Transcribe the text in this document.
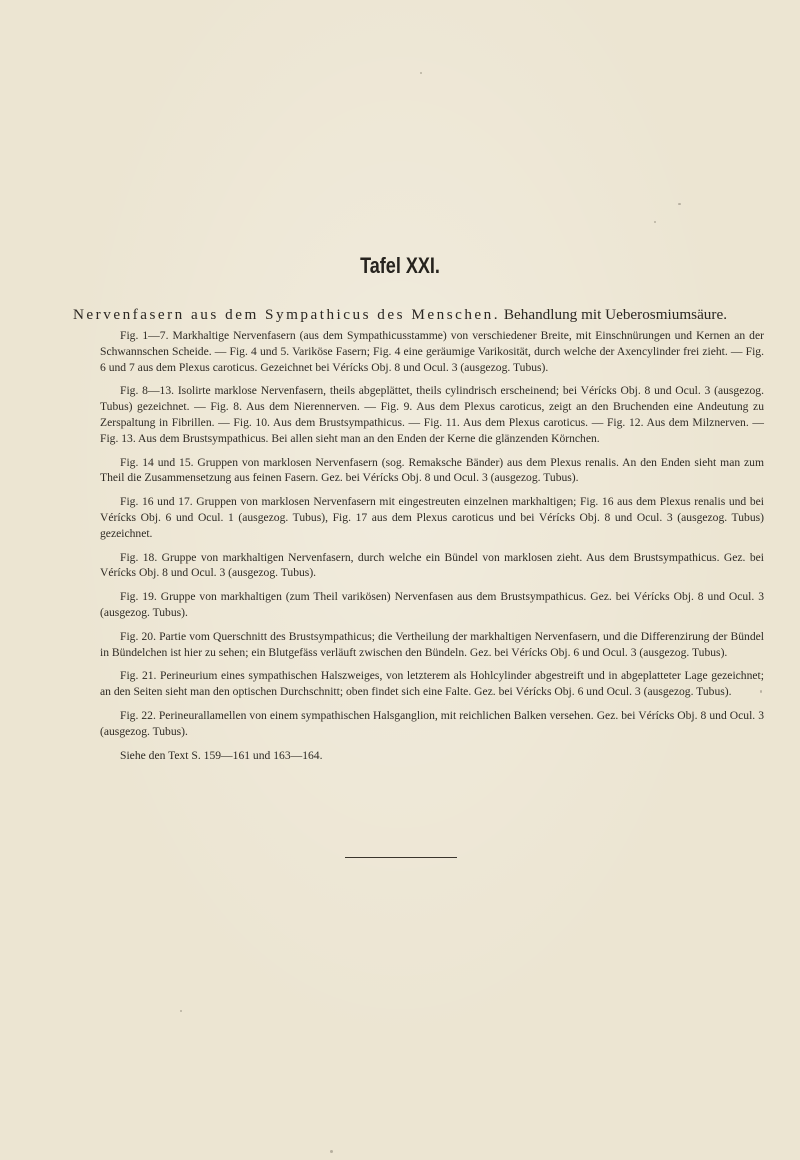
Tafel XXI.
Nervenfasern aus dem Sympathicus des Menschen. Behandlung mit Ueberosmiumsäure.

Fig. 1—7. Markhaltige Nervenfasern (aus dem Sympathicusstamme) von verschiedener Breite, mit Einschnürungen und Kernen an der Schwannschen Scheide. — Fig. 4 und 5. Variköse Fasern; Fig. 4 eine geräumige Varikosität, durch welche der Axencylinder frei zieht. — Fig. 6 und 7 aus dem Plexus caroticus. Gezeichnet bei Vérícks Obj. 8 und Ocul. 3 (ausgezog. Tubus).

Fig. 8—13. Isolirte marklose Nervenfasern, theils abgeplättet, theils cylindrisch erscheinend; bei Vérícks Obj. 8 und Ocul. 3 (ausgezog. Tubus) gezeichnet. — Fig. 8. Aus dem Nierennerven. — Fig. 9. Aus dem Plexus caroticus, zeigt an den Bruchenden eine Andeutung zu Zerspaltung in Fibrillen. — Fig. 10. Aus dem Brustsympathicus. — Fig. 11. Aus dem Plexus caroticus. — Fig. 12. Aus dem Milznerven. — Fig. 13. Aus dem Brustsympathicus. Bei allen sieht man an den Enden der Kerne die glänzenden Körnchen.

Fig. 14 und 15. Gruppen von marklosen Nervenfasern (sog. Remaksche Bänder) aus dem Plexus renalis. An den Enden sieht man zum Theil die Zusammensetzung aus feinen Fasern. Gez. bei Vérícks Obj. 8 und Ocul. 3 (ausgezog. Tubus).

Fig. 16 und 17. Gruppen von marklosen Nervenfasern mit eingestreuten einzelnen markhaltigen; Fig. 16 aus dem Plexus renalis und bei Vérícks Obj. 6 und Ocul. 1 (ausgezog. Tubus), Fig. 17 aus dem Plexus caroticus und bei Vérícks Obj. 8 und Ocul. 3 (ausgezog. Tubus) gezeichnet.

Fig. 18. Gruppe von markhaltigen Nervenfasern, durch welche ein Bündel von marklosen zieht. Aus dem Brustsympathicus. Gez. bei Vérícks Obj. 8 und Ocul. 3 (ausgezog. Tubus).

Fig. 19. Gruppe von markhaltigen (zum Theil varikösen) Nervenfasen aus dem Brustsympathicus. Gez. bei Vérícks Obj. 8 und Ocul. 3 (ausgezog. Tubus).

Fig. 20. Partie vom Querschnitt des Brustsympathicus; die Vertheilung der markhaltigen Nervenfasern, und die Differenzirung der Bündel in Bündelchen ist hier zu sehen; ein Blutgefäss verläuft zwischen den Bündeln. Gez. bei Vérícks Obj. 6 und Ocul. 3 (ausgezog. Tubus).

Fig. 21. Perineurium eines sympathischen Halszweiges, von letzterem als Hohlcylinder abgestreift und in abgeplatteter Lage gezeichnet; an den Seiten sieht man den optischen Durchschnitt; oben findet sich eine Falte. Gez. bei Vérícks Obj. 6 und Ocul. 3 (ausgezog. Tubus).

Fig. 22. Perineurallamellen von einem sympathischen Halsganglion, mit reichlichen Balken versehen. Gez. bei Vérícks Obj. 8 und Ocul. 3 (ausgezog. Tubus).

Siehe den Text S. 159—161 und 163—164.
